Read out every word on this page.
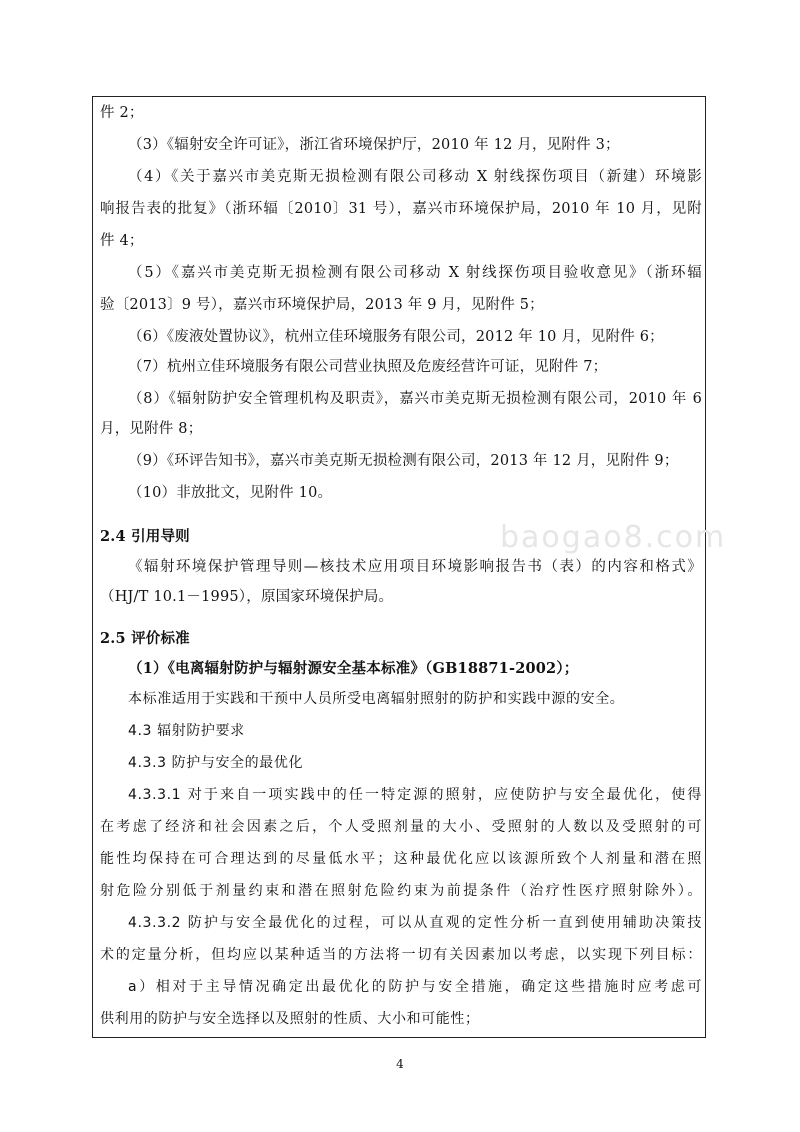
baogao8.com
件 2；
（3）《辐射安全许可证》，浙江省环境保护厅，2010 年 12 月，见附件 3；
（4）《关于嘉兴市美克斯无损检测有限公司移动 X 射线探伤项目（新建）环境影
响报告表的批复》（浙环辐〔2010〕31 号），嘉兴市环境保护局，2010 年 10 月，见附
件 4；
（5）《嘉兴市美克斯无损检测有限公司移动 X 射线探伤项目验收意见》（浙环辐
验〔2013〕9 号），嘉兴市环境保护局，2013 年 9 月，见附件 5；
（6）《废液处置协议》，杭州立佳环境服务有限公司，2012 年 10 月，见附件 6；
（7）杭州立佳环境服务有限公司营业执照及危废经营许可证，见附件 7；
（8）《辐射防护安全管理机构及职责》，嘉兴市美克斯无损检测有限公司，2010 年 6
月，见附件 8；
（9）《环评告知书》，嘉兴市美克斯无损检测有限公司，2013 年 12 月，见附件 9；
（10）非放批文，见附件 10。
2.4 引用导则
《辐射环境保护管理导则—核技术应用项目环境影响报告书（表）的内容和格式》
（HJ/T 10.1－1995），原国家环境保护局。
2.5 评价标准
（1）《电离辐射防护与辐射源安全基本标准》（GB18871-2002）；
本标准适用于实践和干预中人员所受电离辐射照射的防护和实践中源的安全。
4.3 辐射防护要求
4.3.3 防护与安全的最优化
4.3.3.1 对于来自一项实践中的任一特定源的照射，应使防护与安全最优化，使得
在考虑了经济和社会因素之后，个人受照剂量的大小、受照射的人数以及受照射的可
能性均保持在可合理达到的尽量低水平；这种最优化应以该源所致个人剂量和潜在照
射危险分别低于剂量约束和潜在照射危险约束为前提条件（治疗性医疗照射除外）。
4.3.3.2 防护与安全最优化的过程，可以从直观的定性分析一直到使用辅助决策技
术的定量分析，但均应以某种适当的方法将一切有关因素加以考虑，以实现下列目标：
a）相对于主导情况确定出最优化的防护与安全措施，确定这些措施时应考虑可
供利用的防护与安全选择以及照射的性质、大小和可能性；
4
